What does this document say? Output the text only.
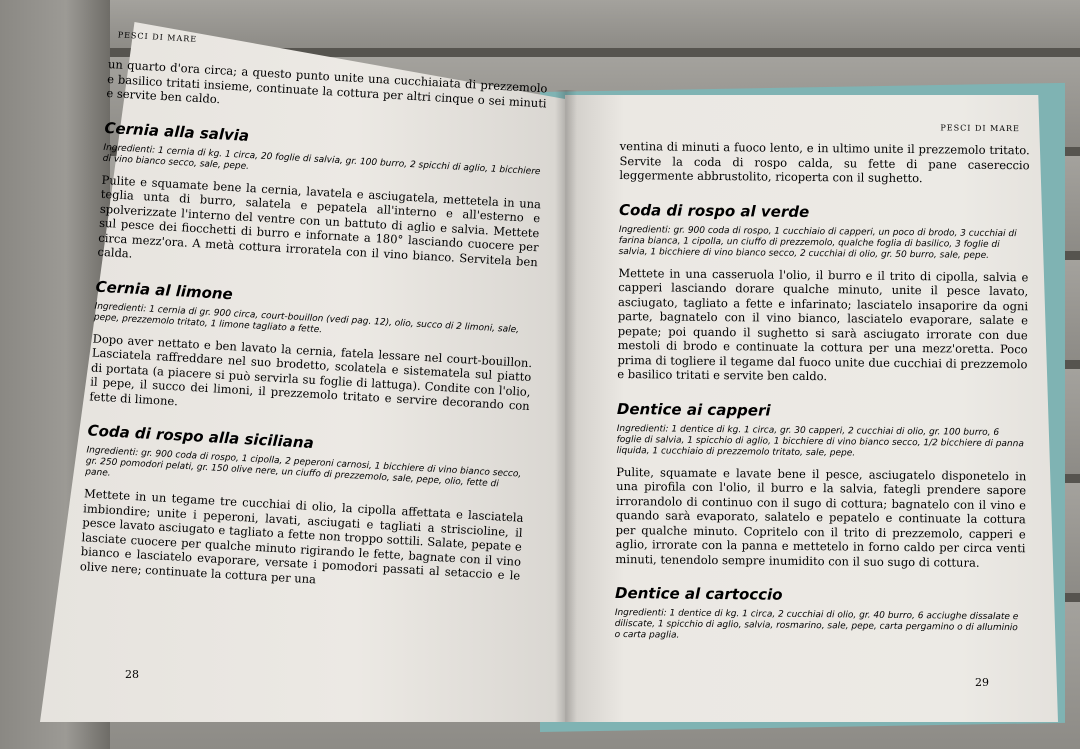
PESCI DI MARE

un quarto d'ora circa; a questo punto unite una cucchiaiata di prezzemolo e basilico tritati insieme, continuate la cottura per altri cinque o sei minuti e servite ben caldo.

Cernia alla salvia

Ingredienti: 1 cernia di kg. 1 circa, 20 foglie di salvia, gr. 100 burro, 2 spicchi di aglio, 1 bicchiere di vino bianco secco, sale, pepe.

Pulite e squamate bene la cernia, lavatela e asciugatela, mettetela in una teglia unta di burro, salatela e pepatela all'interno e all'esterno e spolverizzate l'interno del ventre con un battuto di aglio e salvia. Mettete sul pesce dei fiocchetti di burro e infornate a 180° lasciando cuocere per circa mezz'ora. A metà cottura irroratela con il vino bianco. Servitela ben calda.

Cernia al limone

Ingredienti: 1 cernia di gr. 900 circa, court-bouillon (vedi pag. 12), olio, succo di 2 limoni, sale, pepe, prezzemolo tritato, 1 limone tagliato a fette.

Dopo aver nettato e ben lavato la cernia, fatela lessare nel court-bouillon. Lasciatela raffreddare nel suo brodetto, scolatela e sistematela sul piatto di portata (a piacere si può servirla su foglie di lattuga). Condite con l'olio, il pepe, il succo dei limoni, il prezzemolo tritato e servire decorando con fette di limone.

Coda di rospo alla siciliana

Ingredienti: gr. 900 coda di rospo, 1 cipolla, 2 peperoni carnosi, 1 bicchiere di vino bianco secco, gr. 250 pomodori pelati, gr. 150 olive nere, un ciuffo di prezzemolo, sale, pepe, olio, fette di pane.

Mettete in un tegame tre cucchiai di olio, la cipolla affettata e lasciatela imbiondire; unite i peperoni, lavati, asciugati e tagliati a striscioline, il pesce lavato asciugato e tagliato a fette non troppo sottili. Salate, pepate e lasciate cuocere per qualche minuto rigirando le fette, bagnate con il vino bianco e lasciatelo evaporare, versate i pomodori passati al setaccio e le olive nere; continuate la cottura per una

28
PESCI DI MARE

ventina di minuti a fuoco lento, e in ultimo unite il prezzemolo tritato. Servite la coda di rospo calda, su fette di pane casereccio leggermente abbrustolito, ricoperta con il sughetto.

Coda di rospo al verde

Ingredienti: gr. 900 coda di rospo, 1 cucchiaio di capperi, un poco di brodo, 3 cucchiai di farina bianca, 1 cipolla, un ciuffo di prezzemolo, qualche foglia di basilico, 3 foglie di salvia, 1 bicchiere di vino bianco secco, 2 cucchiai di olio, gr. 50 burro, sale, pepe.

Mettete in una casseruola l'olio, il burro e il trito di cipolla, salvia e capperi lasciando dorare qualche minuto, unite il pesce lavato, asciugato, tagliato a fette e infarinato; lasciatelo insaporire da ogni parte, bagnatelo con il vino bianco, lasciatelo evaporare, salate e pepate; poi quando il sughetto si sarà asciugato irrorate con due mestoli di brodo e continuate la cottura per una mezz'oretta. Poco prima di togliere il tegame dal fuoco unite due cucchiai di prezzemolo e basilico tritati e servite ben caldo.

Dentice ai capperi

Ingredienti: 1 dentice di kg. 1 circa, gr. 30 capperi, 2 cucchiai di olio, gr. 100 burro, 6 foglie di salvia, 1 spicchio di aglio, 1 bicchiere di vino bianco secco, 1/2 bicchiere di panna liquida, 1 cucchiaio di prezzemolo tritato, sale, pepe.

Pulite, squamate e lavate bene il pesce, asciugatelo disponetelo in una pirofila con l'olio, il burro e la salvia, fategli prendere sapore irrorandolo di continuo con il sugo di cottura; bagnatelo con il vino e quando sarà evaporato, salatelo e pepatelo e continuate la cottura per qualche minuto. Copritelo con il trito di prezzemolo, capperi e aglio, irrorate con la panna e mettetelo in forno caldo per circa venti minuti, tenendolo sempre inumidito con il suo sugo di cottura.

Dentice al cartoccio

Ingredienti: 1 dentice di kg. 1 circa, 2 cucchiai di olio, gr. 40 burro, 6 acciughe dissalate e diliscate, 1 spicchio di aglio, salvia, rosmarino, sale, pepe, carta pergamino o di alluminio o carta paglia.

29
